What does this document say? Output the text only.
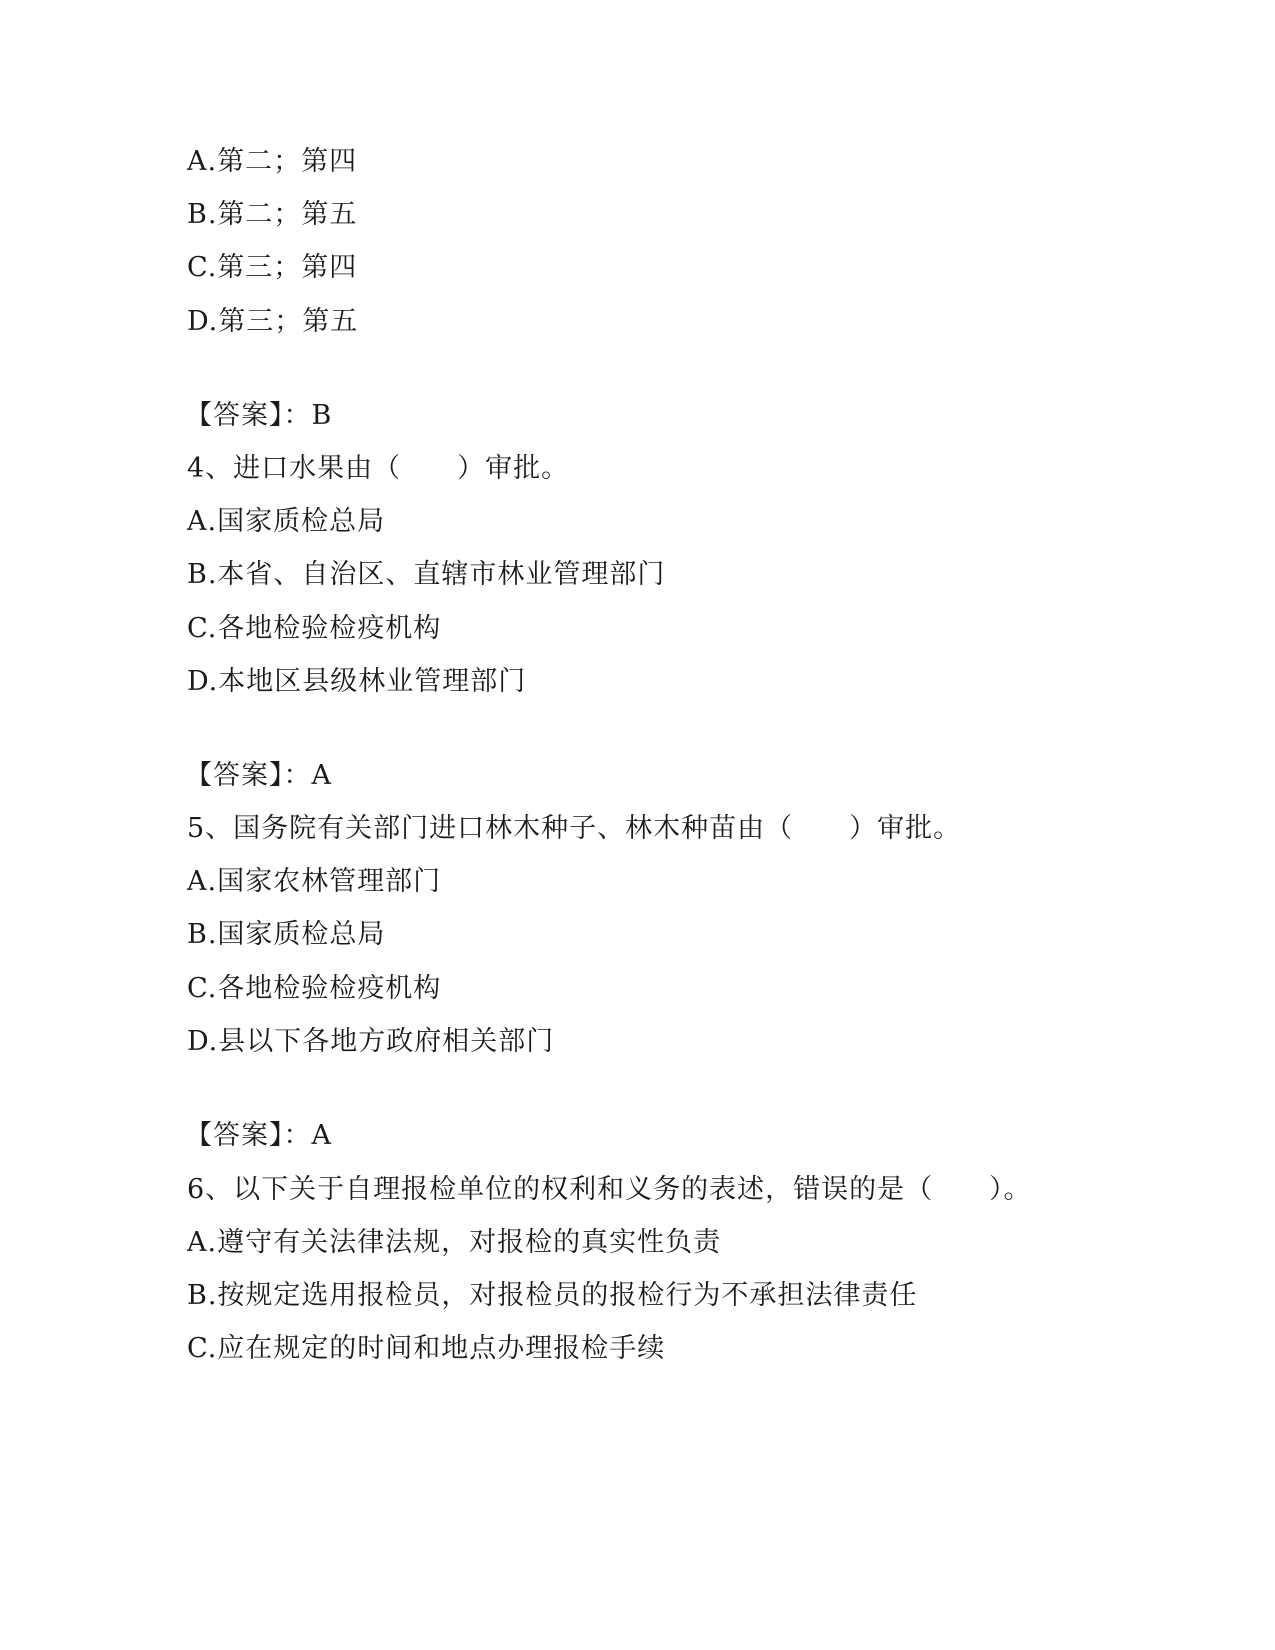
A.第二；第四
B.第二；第五
C.第三；第四
D.第三；第五
【答案】：B
4、进口水果由（　　）审批。
A.国家质检总局
B.本省、自治区、直辖市林业管理部门
C.各地检验检疫机构
D.本地区县级林业管理部门
【答案】：A
5、国务院有关部门进口林木种子、林木种苗由（　　）审批。
A.国家农林管理部门
B.国家质检总局
C.各地检验检疫机构
D.县以下各地方政府相关部门
【答案】：A
6、以下关于自理报检单位的权利和义务的表述，错误的是（　　）。
A.遵守有关法律法规，对报检的真实性负责
B.按规定选用报检员，对报检员的报检行为不承担法律责任
C.应在规定的时间和地点办理报检手续
